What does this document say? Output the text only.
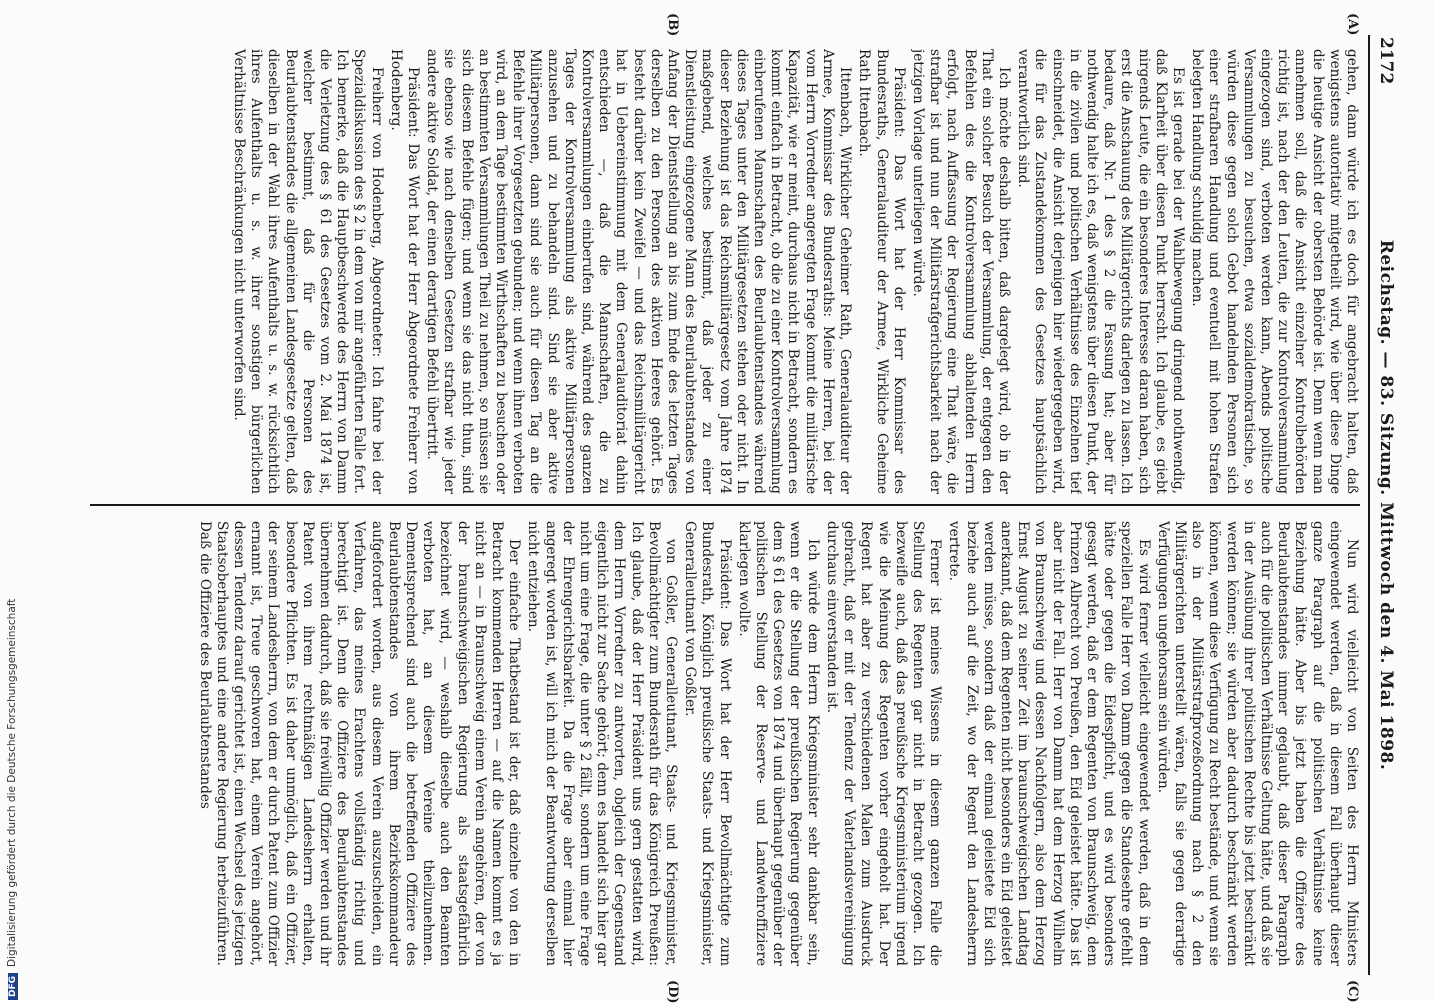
2172
Reichstag. — 83. Sitzung. Mittwoch den 4. Mai 1898.
(A)
(B)
(C)
(D)

gehen, dann würde ich es doch für angebracht halten, daß wenigstens autoritativ mitgetheilt wird, wie über diese Dinge die heutige Ansicht der obersten Behörde ist. Denn wenn man annehmen soll, daß die Ansicht einzelner Kontrolbehörden richtig ist, nach der den Leuten, die zur Kontrolversammlung eingezogen sind, verboten werden kann, Abends politische Versammlungen zu besuchen, etwa sozialdemokratische, so würden diese gegen solch Gebot handelnden Personen sich einer strafbaren Handlung und eventuell mit hohen Strafen belegten Handlung schuldig machen.

Es ist gerade bei der Wahlbewegung dringend nothwendig, daß Klarheit über diesen Punkt herrscht. Ich glaube, es giebt nirgends Leute, die ein besonderes Interesse daran haben, sich erst die Anschauung des Militärgerichts darlegen zu lassen. Ich bedaure, daß Nr. 1 des § 2 die Fassung hat; aber für nothwendig halte ich es, daß wenigstens über diesen Punkt, der in die zivilen und politischen Verhältnisse des Einzelnen tief einschneidet, die Ansicht derjenigen hier wiedergegeben wird, die für das Zustandekommen des Gesetzes hauptsächlich verantwortlich sind.

Ich möchte deshalb bitten, daß dargelegt wird, ob in der That ein solcher Besuch der Versammlung, der entgegen den Befehlen des die Kontrolversammlung abhaltenden Herrn erfolgt, nach Auffassung der Regierung eine That wäre, die strafbar ist und nun der Militärstrafgerichtsbarkeit nach der jetzigen Vorlage unterliegen würde.

Präsident: Das Wort hat der Herr Kommissar des Bundesraths, Generalauditeur der Armee, Wirkliche Geheime Rath Ittenbach.

Ittenbach, Wirklicher Geheimer Rath, Generalauditeur der Armee, Kommissar des Bundesraths: Meine Herren, bei der vom Herrn Vorredner angeregten Frage kommt die militärische Kapazität, wie er meint, durchaus nicht in Betracht, sondern es kommt einfach in Betracht, ob die zu einer Kontrolversammlung einberufenen Mannschaften des Beurlaubtenstandes während dieses Tages unter den Militärgesetzen stehen oder nicht. In dieser Beziehung ist das Reichsmilitärgesetz vom Jahre 1874 maßgebend, welches bestimmt, daß jeder zu einer Dienstleistung eingezogene Mann des Beurlaubtenstandes von Anfang der Dienststellung an bis zum Ende des letzten Tages derselben zu den Personen des aktiven Heeres gehört. Es besteht darüber kein Zweifel — und das Reichsmilitärgericht hat in Uebereinstimmung mit dem Generalauditoriat dahin entschieden —, daß die Mannschaften, die zu Kontrolversammlungen einberufen sind, während des ganzen Tages der Kontrolversammlung als aktive Militärpersonen anzusehen und zu behandeln sind. Sind sie aber aktive Militärpersonen, dann sind sie auch für diesen Tag an die Befehle ihrer Vorgesetzten gebunden; und wenn ihnen verboten wird, an dem Tage bestimmten Wirthschaften zu besuchen oder an bestimmten Versammlungen Theil zu nehmen, so müssen sie sich diesem Befehle fügen; und wenn sie das nicht thun, sind sie ebenso wie nach denselben Gesetzen strafbar wie jeder andere aktive Soldat, der einen derartigen Befehl übertritt.

Präsident: Das Wort hat der Herr Abgeordnete Freiherr von Hodenberg.

Freiherr von Hodenberg, Abgeordneter: Ich fahre bei der Spezialdiskussion des § 2 in dem von mir angeführten Falle fort. Ich bemerke, daß die Hauptbeschwerde des Herrn von Damm die Verletzung des § 61 des Gesetzes vom 2. Mai 1874 ist, welcher bestimmt, daß für die Personen des Beurlaubtenstandes die allgemeinen Landesgesetze gelten, daß dieselben in der Wahl ihres Aufenthalts u. s. w. rücksichtlich ihres Aufenthalts u. s. w. ihrer sonstigen bürgerlichen Verhältnisse Beschränkungen nicht unterworfen sind.

Nun wird vielleicht von Seiten des Herrn Ministers eingewendet werden, daß in diesem Fall überhaupt dieser ganze Paragraph auf die politischen Verhältnisse keine Beziehung hätte. Aber bis jetzt haben die Offiziere des Beurlaubtenstandes immer geglaubt, daß dieser Paragraph auch für die politischen Verhältnisse Geltung hätte, und daß sie in der Ausübung ihrer politischen Rechte bis jetzt beschränkt werden können; sie würden aber dadurch beschränkt werden können, wenn diese Verfügung zu Recht bestände, und wenn sie also in der Militärstrafprozeßordnung nach § 2 den Militärgerichten unterstellt wären, falls sie gegen derartige Verfügungen ungehorsam sein würden.

Es wird ferner vielleicht eingewendet werden, daß in dem speziellen Falle Herr von Damm gegen die Standesehre gefehlt hätte oder gegen die Eidespflicht, und es wird besonders gesagt werden, daß er dem Regenten von Braunschweig, dem Prinzen Albrecht von Preußen, den Eid geleistet hätte. Das ist aber nicht der Fall. Herr von Damm hat dem Herzog Wilhelm von Braunschweig und dessen Nachfolgern, also dem Herzog Ernst August zu seiner Zeit im braunschweigischen Landtag anerkannt, daß dem Regenten nicht besonders ein Eid geleistet werden müsse, sondern daß der einmal geleistete Eid sich beziehe auch auf die Zeit, wo der Regent den Landesherrn vertrete.

Ferner ist meines Wissens in diesem ganzen Falle die Stellung des Regenten gar nicht in Betracht gezogen. Ich bezweifle auch, daß das preußische Kriegsministerium irgend wie die Meinung des Regenten vorher eingeholt hat. Der Regent hat aber zu verschiedenen Malen zum Ausdruck gebracht, daß er mit der Tendenz der Vaterlandsvereinigung durchaus einverstanden ist.

Ich würde dem Herrn Kriegsminister sehr dankbar sein, wenn er die Stellung der preußischen Regierung gegenüber dem § 61 des Gesetzes von 1874 und überhaupt gegenüber der politischen Stellung der Reserve- und Landwehroffiziere klarlegen wollte.

Präsident: Das Wort hat der Herr Bevollmächtigte zum Bundesrath, Königlich preußische Staats- und Kriegsminister, Generalleutnant von Goßler.

von Goßler, Generalleutnant, Staats- und Kriegsminister, Bevollmächtigter zum Bundesrath für das Königreich Preußen: Ich glaube, daß der Herr Präsident uns gern gestatten wird, dem Herrn Vorredner zu antworten, obgleich der Gegenstand eigentlich nicht zur Sache gehört; denn es handelt sich hier gar nicht um eine Frage, die unter § 2 fällt, sondern um eine Frage der Ehrengerichtsbarkeit. Da die Frage aber einmal hier angeregt worden ist, will ich mich der Beantwortung derselben nicht entziehen.

Der einfache Thatbestand ist der, daß einzelne von den in Betracht kommenden Herren — auf die Namen kommt es ja nicht an — in Braunschweig einem Verein angehören, der von der braunschweigischen Regierung als staatsgefährlich bezeichnet wird, — weshalb dieselbe auch den Beamten verboten hat, an diesem Vereine theilzunehmen. Dementsprechend sind auch die betreffenden Offiziere des Beurlaubtenstandes von ihrem Bezirkskommandeur aufgefordert worden, aus diesem Verein auszuscheiden, ein Verfahren, das meines Erachtens vollständig richtig und berechtigt ist. Denn die Offiziere des Beurlaubtenstandes übernehmen dadurch, daß sie freiwillig Offizier werden und ihr Patent von ihrem rechtmäßigen Landesherrn erhalten, besondere Pflichten. Es ist daher unmöglich, daß ein Offizier, der seinem Landesherrn, von dem er durch Patent zum Offizier ernannt ist, Treue geschworen hat, einem Verein angehört, dessen Tendenz darauf gerichtet ist, einen Wechsel des jetzigen Staatsoberhauptes und eine andere Regierung herbeizuführen. Daß die Offiziere des Beurlaubtenstandes

DFGDigitalisierung gefördert durch die Deutsche Forschungsgemeinschaft
